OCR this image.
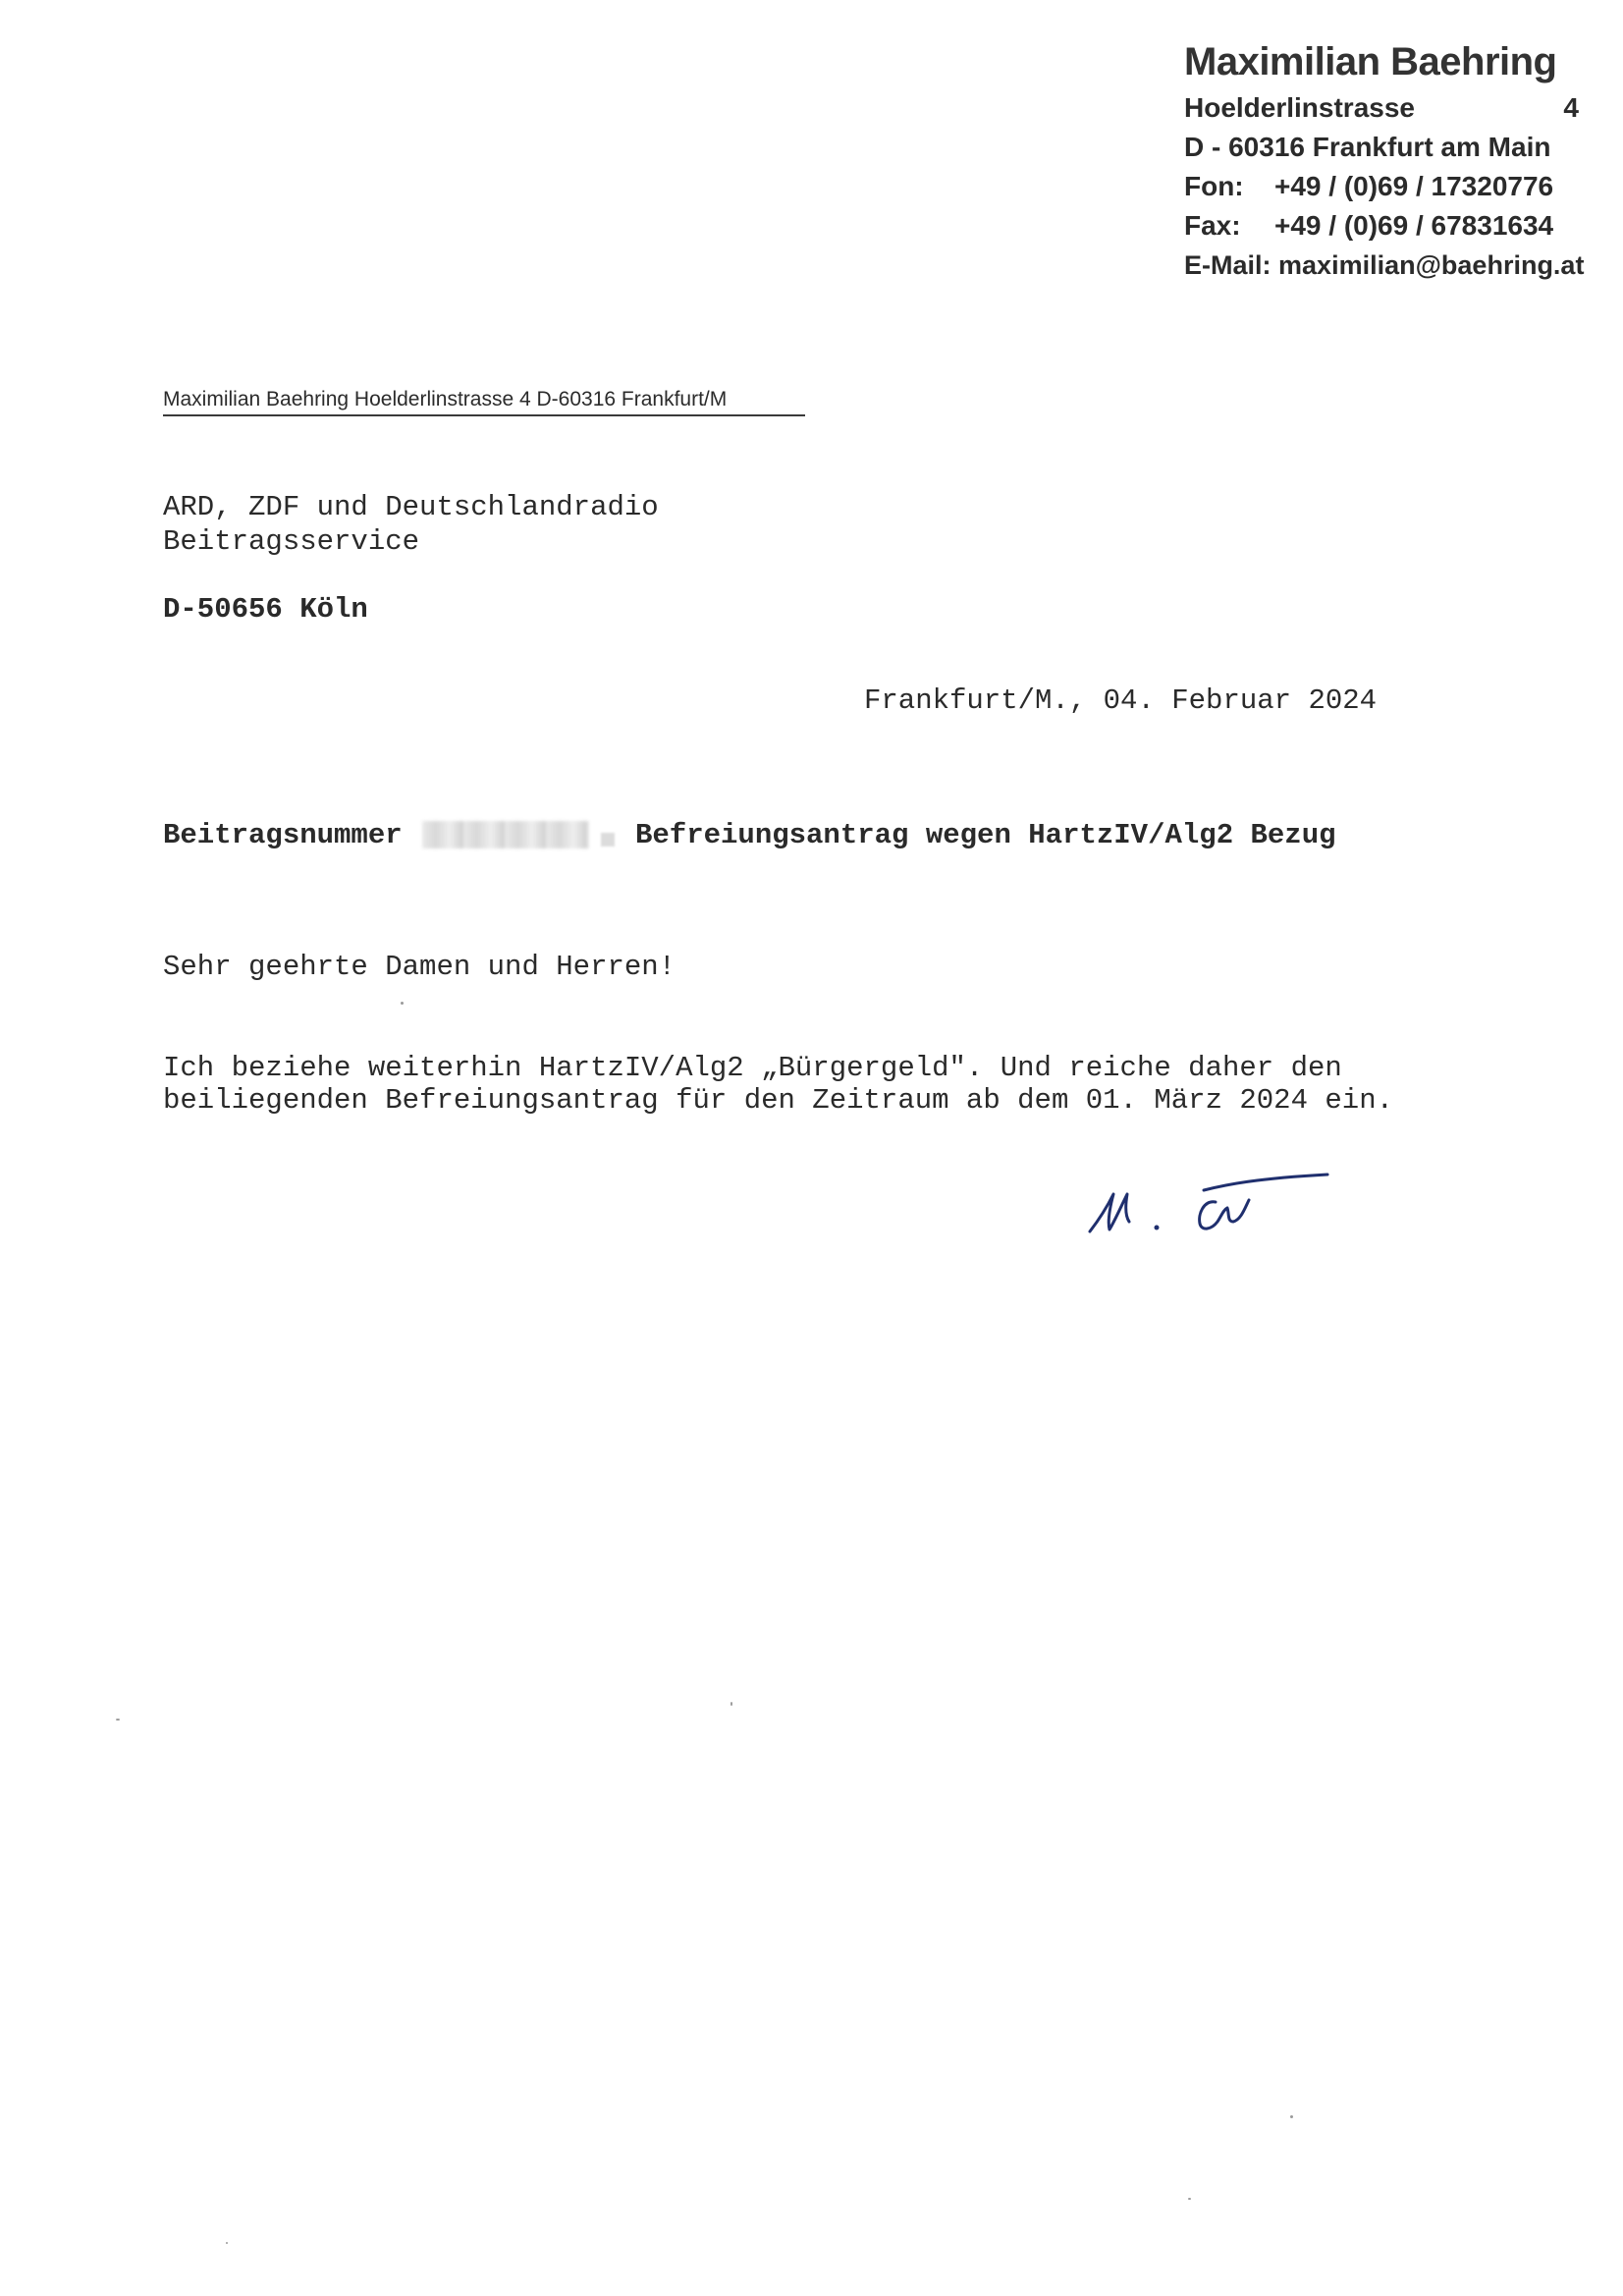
Maximilian Baehring
Hoelderlinstrasse	4
D - 60316 Frankfurt am Main
Fon: +49 / (0)69 / 17320776
Fax: +49 / (0)69 / 67831634
E-Mail: maximilian@baehring.at
Maximilian Baehring Hoelderlinstrasse 4 D-60316 Frankfurt/M
ARD, ZDF und Deutschlandradio
Beitragsservice
D-50656 Köln
Frankfurt/M., 04. Februar 2024
Beitragsnummer	Befreiungsantrag wegen HartzIV/Alg2 Bezug
Sehr geehrte Damen und Herren!
Ich beziehe weiterhin HartzIV/Alg2 „Bürgergeld". Und reiche daher den
beiliegenden Befreiungsantrag für den Zeitraum ab dem 01. März 2024 ein.
